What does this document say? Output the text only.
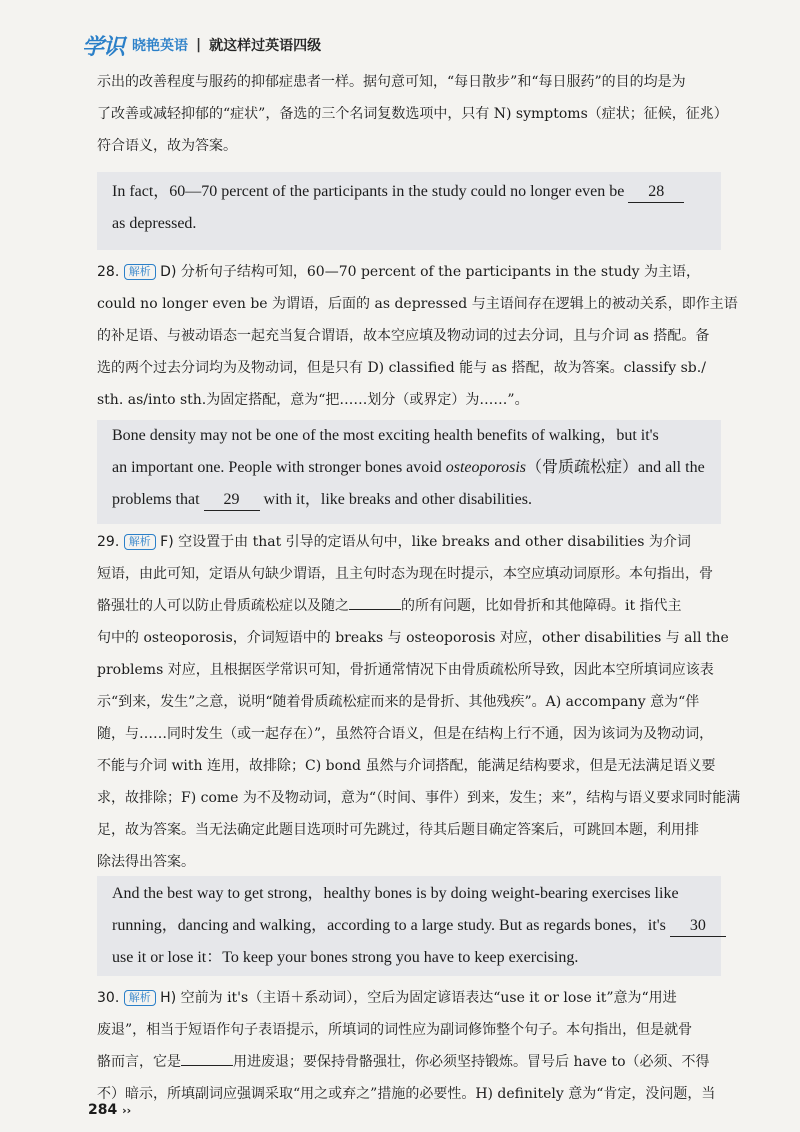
学识 晓艳英语 | 就这样过英语四级
示出的改善程度与服药的抑郁症患者一样。据句意可知，“每日散步”和“每日服药”的目的均是为
了改善或减轻抑郁的“症状”，备选的三个名词复数选项中，只有 N) symptoms（症状；征候，征兆）
符合语义，故为答案。
In fact，60—70 percent of the participants in the study could no longer even be 28
as depressed.
28. 解析 D) 分析句子结构可知，60—70 percent of the participants in the study 为主语，
could no longer even be 为谓语，后面的 as depressed 与主语间存在逻辑上的被动关系，即作主语
的补足语、与被动语态一起充当复合谓语，故本空应填及物动词的过去分词，且与介词 as 搭配。备
选的两个过去分词均为及物动词，但是只有 D) classified 能与 as 搭配，故为答案。classify sb./
sth. as/into sth.为固定搭配，意为“把……划分（或界定）为……”。
Bone density may not be one of the most exciting health benefits of walking，but it's
an important one. People with stronger bones avoid osteoporosis（骨质疏松症）and all the
problems that 29 with it，like breaks and other disabilities.
29. 解析 F) 空设置于由 that 引导的定语从句中，like breaks and other disabilities 为介词
短语，由此可知，定语从句缺少谓语，且主句时态为现在时提示，本空应填动词原形。本句指出，骨
骼强壮的人可以防止骨质疏松症以及随之	的所有问题，比如骨折和其他障碍。it 指代主
句中的 osteoporosis，介词短语中的 breaks 与 osteoporosis 对应，other disabilities 与 all the
problems 对应，且根据医学常识可知，骨折通常情况下由骨质疏松所导致，因此本空所填词应该表
示“到来，发生”之意，说明“随着骨质疏松症而来的是骨折、其他残疾”。A) accompany 意为“伴
随，与……同时发生（或一起存在）”，虽然符合语义，但是在结构上行不通，因为该词为及物动词，
不能与介词 with 连用，故排除；C) bond 虽然与介词搭配，能满足结构要求，但是无法满足语义要
求，故排除；F) come 为不及物动词，意为“（时间、事件）到来，发生；来”，结构与语义要求同时能满
足，故为答案。当无法确定此题目选项时可先跳过，待其后题目确定答案后，可跳回本题，利用排
除法得出答案。
And the best way to get strong，healthy bones is by doing weight-bearing exercises like
running，dancing and walking，according to a large study. But as regards bones，it's 30
use it or lose it：To keep your bones strong you have to keep exercising.
30. 解析 H) 空前为 it's（主语＋系动词），空后为固定谚语表达“use it or lose it”意为“用进
废退”，相当于短语作句子表语提示，所填词的词性应为副词修饰整个句子。本句指出，但是就骨
骼而言，它是	用进废退；要保持骨骼强壮，你必须坚持锻炼。冒号后 have to（必须、不得
不）暗示，所填副词应强调采取“用之或弃之”措施的必要性。H) definitely 意为“肯定，没问题，当
284 ››
